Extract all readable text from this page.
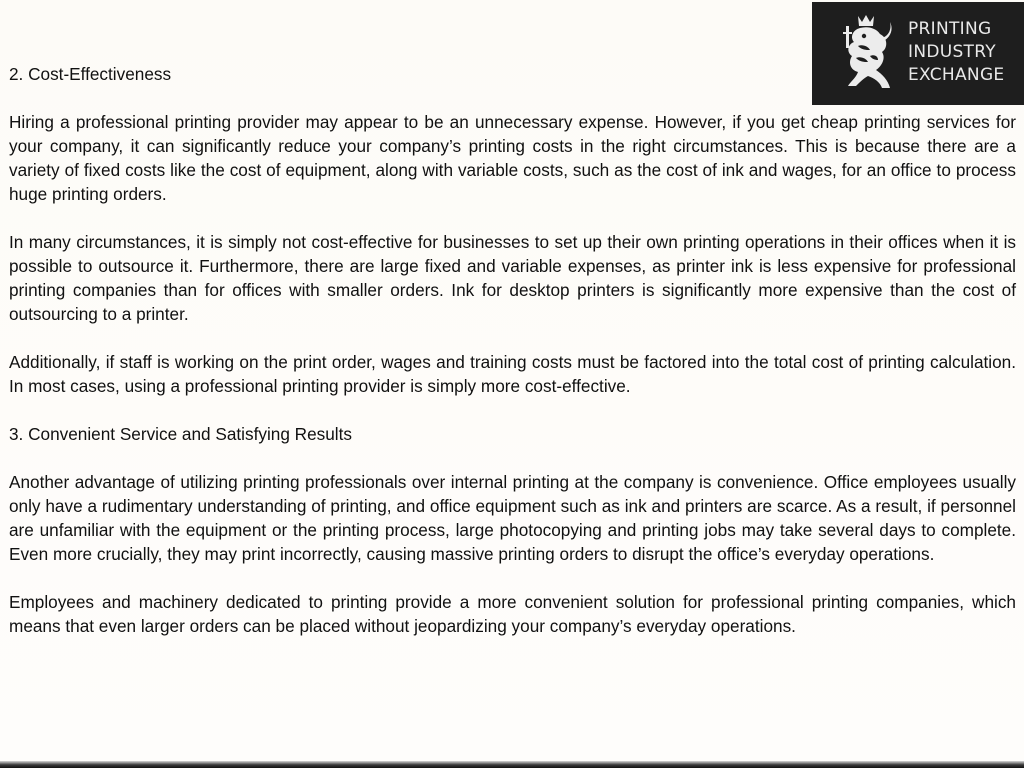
PRINTING
INDUSTRY
EXCHANGE
2. Cost-Effectiveness

Hiring a professional printing provider may appear to be an unnecessary expense. However, if you get cheap printing services for your company, it can significantly reduce your company’s printing costs in the right circumstances. This is because there are a variety of fixed costs like the cost of equipment, along with variable costs, such as the cost of ink and wages, for an office to process huge printing orders.

In many circumstances, it is simply not cost-effective for businesses to set up their own printing operations in their offices when it is possible to outsource it. Furthermore, there are large fixed and variable expenses, as printer ink is less expensive for professional printing companies than for offices with smaller orders. Ink for desktop printers is significantly more expensive than the cost of outsourcing to a printer.

Additionally, if staff is working on the print order, wages and training costs must be factored into the total cost of printing calculation. In most cases, using a professional printing provider is simply more cost-effective.

3. Convenient Service and Satisfying Results

Another advantage of utilizing printing professionals over internal printing at the company is convenience. Office employees usually only have a rudimentary understanding of printing, and office equipment such as ink and printers are scarce. As a result, if personnel are unfamiliar with the equipment or the printing process, large photocopying and printing jobs may take several days to complete. Even more crucially, they may print incorrectly, causing massive printing orders to disrupt the office’s everyday operations.

Employees and machinery dedicated to printing provide a more convenient solution for professional printing companies, which means that even larger orders can be placed without jeopardizing your company’s everyday operations.
